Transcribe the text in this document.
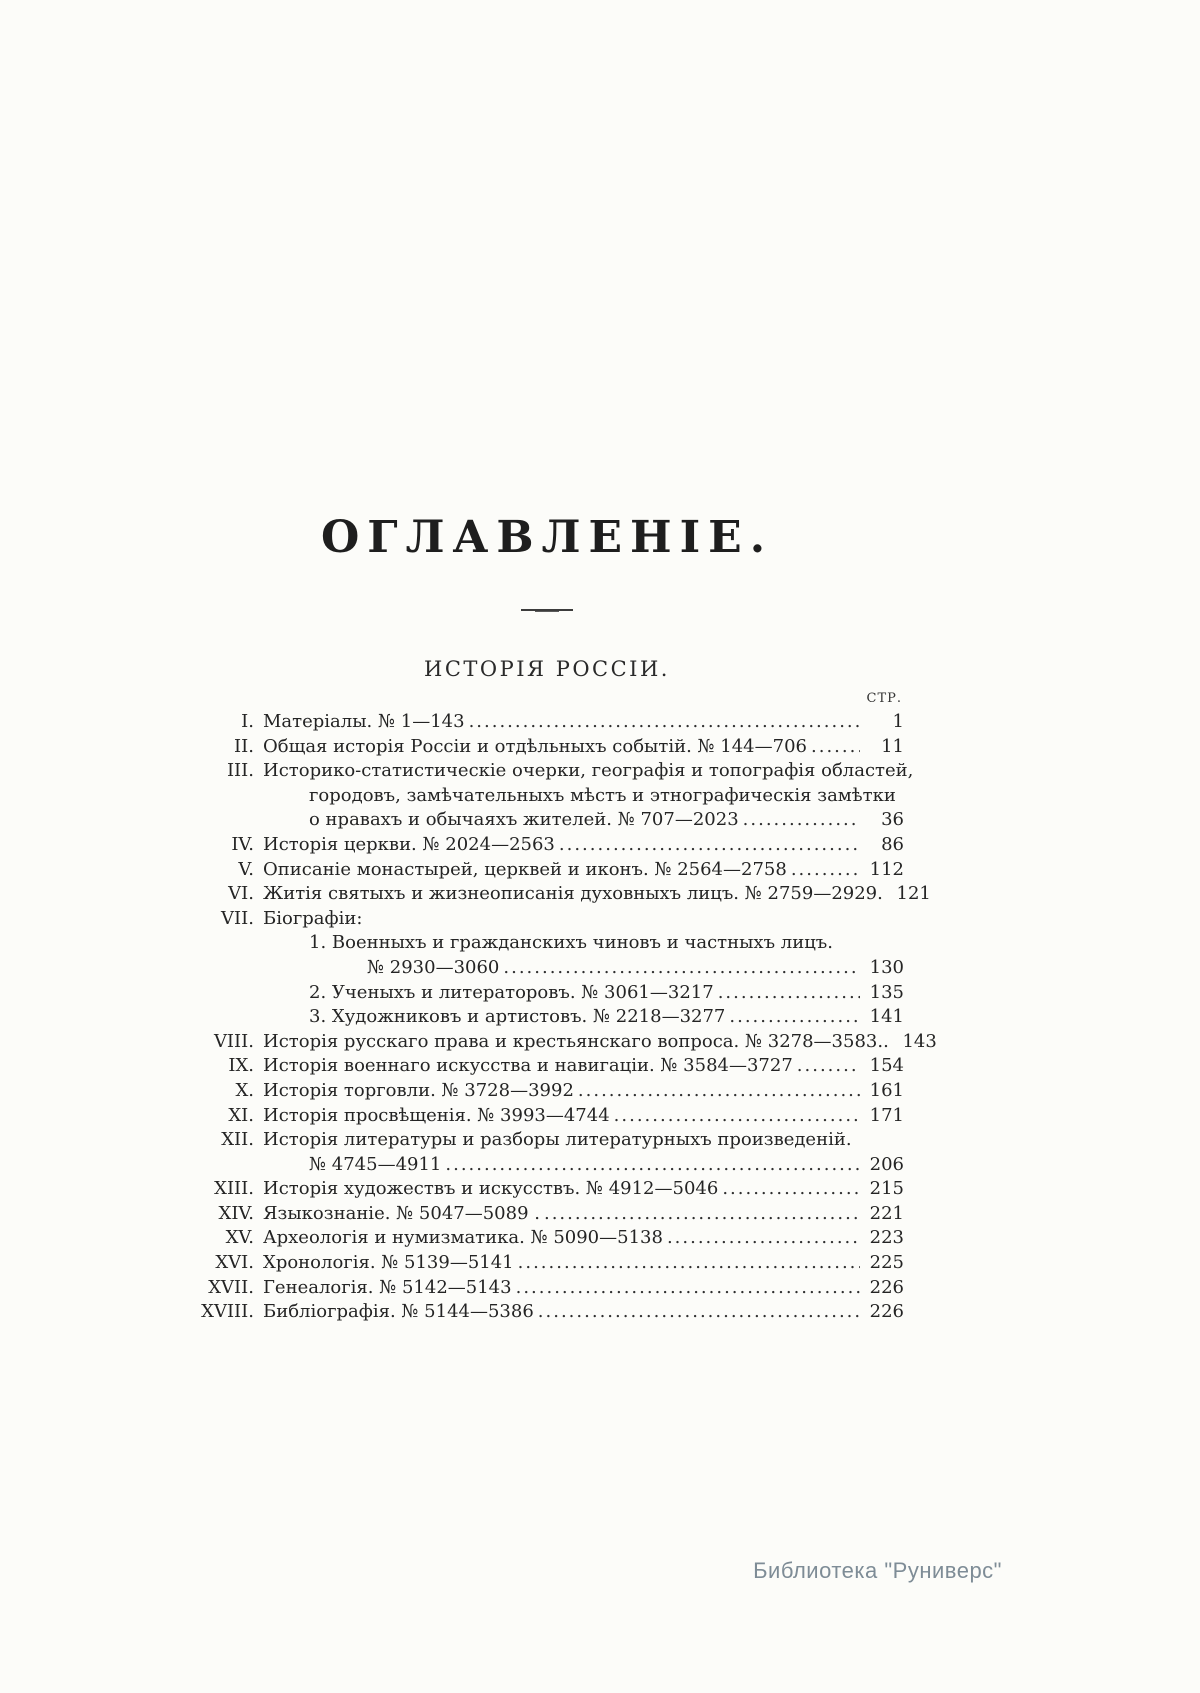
ОГЛАВЛЕНІЕ.
ИСТОРІЯ РОССІИ.
СТР.
I. Матеріалы. № 1—143 .....	1
II. Общая исторія Россіи и отдѣльныхъ событій. № 144—706 .....	11
III. Историко-статистическіе очерки, географія и топографія областей,
городовъ, замѣчательныхъ мѣстъ и этнографическія замѣтки
о нравахъ и обычаяхъ жителей. № 707—2023 .....	36
IV. Исторія церкви. № 2024—2563 .....	86
V. Описаніе монастырей, церквей и иконъ. № 2564—2758 .....	112
VI. Житія святыхъ и жизнеописанія духовныхъ лицъ. № 2759—2929. 121
VII. Біографіи:
1. Военныхъ и гражданскихъ чиновъ и частныхъ лицъ.
№ 2930—3060 .....	130
2. Ученыхъ и литераторовъ. № 3061—3217 .....	135
3. Художниковъ и артистовъ. № 2218—3277 .....	141
VIII. Исторія русскаго права и крестьянскаго вопроса. № 3278—3583.. 143
IX. Исторія военнаго искусства и навигаціи. № 3584—3727 .....	154
X. Исторія торговли. № 3728—3992 .....	161
XI. Исторія просвѣщенія. № 3993—4744 .....	171
XII. Исторія литературы и разборы литературныхъ произведеній.
№ 4745—4911 .....	206
XIII. Исторія художествъ и искусствъ. № 4912—5046 .....	215
XIV. Языкознаніе. № 5047—5089 . .....	221
XV. Археологія и нумизматика. № 5090—5138 .....	223
XVI. Хронологія. № 5139—5141 .....	225
XVII. Генеалогія. № 5142—5143 .....	226
XVIII. Библіографія. № 5144—5386 .....	226
Библиотека "Руниверс"
